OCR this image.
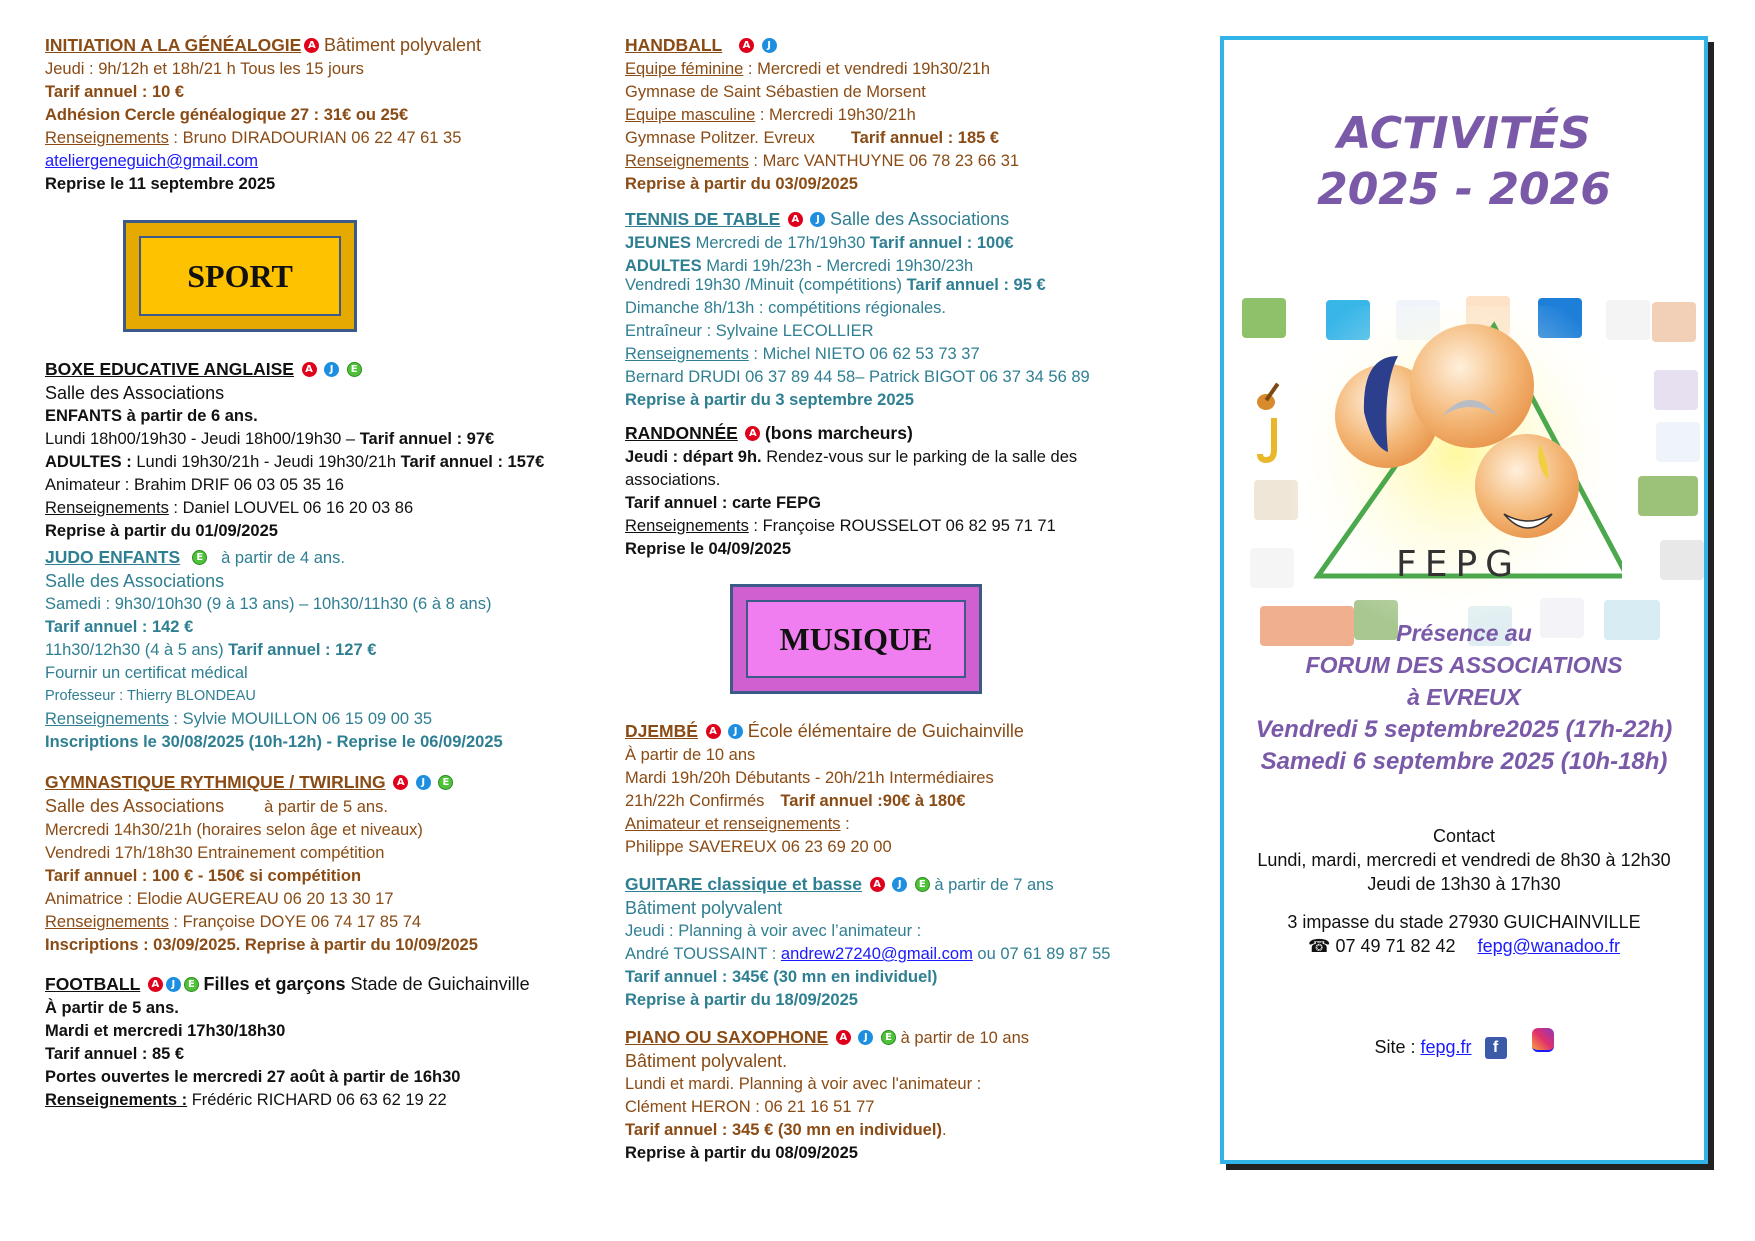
INITIATION A LA GÉNÉALOGIE A Bâtiment polyvalent
Jeudi : 9h/12h et 18h/21 h Tous les 15 jours
Tarif annuel : 10 €
Adhésion Cercle généalogique 27 : 31€ ou 25€
Renseignements : Bruno DIRADOURIAN 06 22 47 61 35
ateliergeneguich@gmail.com
Reprise le 11 septembre 2025
SPORT
BOXE EDUCATIVE ANGLAISE A J E
Salle des Associations
ENFANTS à partir de 6 ans.
Lundi 18h00/19h30 - Jeudi 18h00/19h30 – Tarif annuel : 97€
ADULTES : Lundi 19h30/21h - Jeudi 19h30/21h Tarif annuel : 157€
Animateur : Brahim DRIF 06 03 05 35 16
Renseignements : Daniel LOUVEL 06 16 20 03 86
Reprise à partir du 01/09/2025
JUDO ENFANTS E à partir de 4 ans.
Salle des Associations
Samedi : 9h30/10h30 (9 à 13 ans) – 10h30/11h30 (6 à 8 ans)
Tarif annuel : 142 €
11h30/12h30 (4 à 5 ans) Tarif annuel : 127 €
Fournir un certificat médical
Professeur : Thierry BLONDEAU
Renseignements : Sylvie MOUILLON 06 15 09 00 35
Inscriptions le 30/08/2025 (10h-12h) - Reprise le 06/09/2025
GYMNASTIQUE RYTHMIQUE / TWIRLING A J E
Salle des Associations à partir de 5 ans.
Mercredi 14h30/21h (horaires selon âge et niveaux)
Vendredi 17h/18h30 Entrainement compétition
Tarif annuel : 100 € - 150€ si compétition
Animatrice : Elodie AUGEREAU 06 20 13 30 17
Renseignements : Françoise DOYE 06 74 17 85 74
Inscriptions : 03/09/2025. Reprise à partir du 10/09/2025
FOOTBALL A J E Filles et garçons Stade de Guichainville
À partir de 5 ans.
Mardi et mercredi 17h30/18h30
Tarif annuel : 85 €
Portes ouvertes le mercredi 27 août à partir de 16h30
Renseignements : Frédéric RICHARD 06 63 62 19 22
HANDBALL A J
Equipe féminine : Mercredi et vendredi 19h30/21h
Gymnase de Saint Sébastien de Morsent
Equipe masculine : Mercredi 19h30/21h
Gymnase Politzer. Evreux Tarif annuel : 185 €
Renseignements : Marc VANTHUYNE 06 78 23 66 31
Reprise à partir du 03/09/2025
TENNIS DE TABLE A J Salle des Associations
JEUNES Mercredi de 17h/19h30 Tarif annuel : 100€
ADULTES Mardi 19h/23h - Mercredi 19h30/23h
Vendredi 19h30 /Minuit (compétitions) Tarif annuel : 95 €
Dimanche 8h/13h : compétitions régionales.
Entraîneur : Sylvaine LECOLLIER
Renseignements : Michel NIETO 06 62 53 73 37
Bernard DRUDI 06 37 89 44 58– Patrick BIGOT 06 37 34 56 89
Reprise à partir du 3 septembre 2025
RANDONNÉE A (bons marcheurs)
Jeudi : départ 9h. Rendez-vous sur le parking de la salle des
associations.
Tarif annuel : carte FEPG
Renseignements : Françoise ROUSSELOT 06 82 95 71 71
Reprise le 04/09/2025
MUSIQUE
DJEMBÉ A J École élémentaire de Guichainville
À partir de 10 ans
Mardi 19h/20h Débutants - 20h/21h Intermédiaires
21h/22h Confirmés Tarif annuel :90€ à 180€
Animateur et renseignements :
Philippe SAVEREUX 06 23 69 20 00
GUITARE classique et basse A J E à partir de 7 ans
Bâtiment polyvalent
Jeudi : Planning à voir avec l’animateur :
André TOUSSAINT : andrew27240@gmail.com ou 07 61 89 87 55
Tarif annuel : 345€ (30 mn en individuel)
Reprise à partir du 18/09/2025
PIANO OU SAXOPHONE A J E à partir de 10 ans
Bâtiment polyvalent.
Lundi et mardi. Planning à voir avec l'animateur :
Clément HERON : 06 21 16 51 77
Tarif annuel : 345 € (30 mn en individuel).
Reprise à partir du 08/09/2025
ACTIVITÉS
2025 - 2026
FEPG
Présence au
FORUM DES ASSOCIATIONS
à EVREUX
Vendredi 5 septembre2025 (17h-22h)
Samedi 6 septembre 2025 (10h-18h)
Contact
Lundi, mardi, mercredi et vendredi de 8h30 à 12h30
Jeudi de 13h30 à 17h30
3 impasse du stade 27930 GUICHAINVILLE
☎ 07 49 71 82 42 fepg@wanadoo.fr
Site : fepg.fr f
